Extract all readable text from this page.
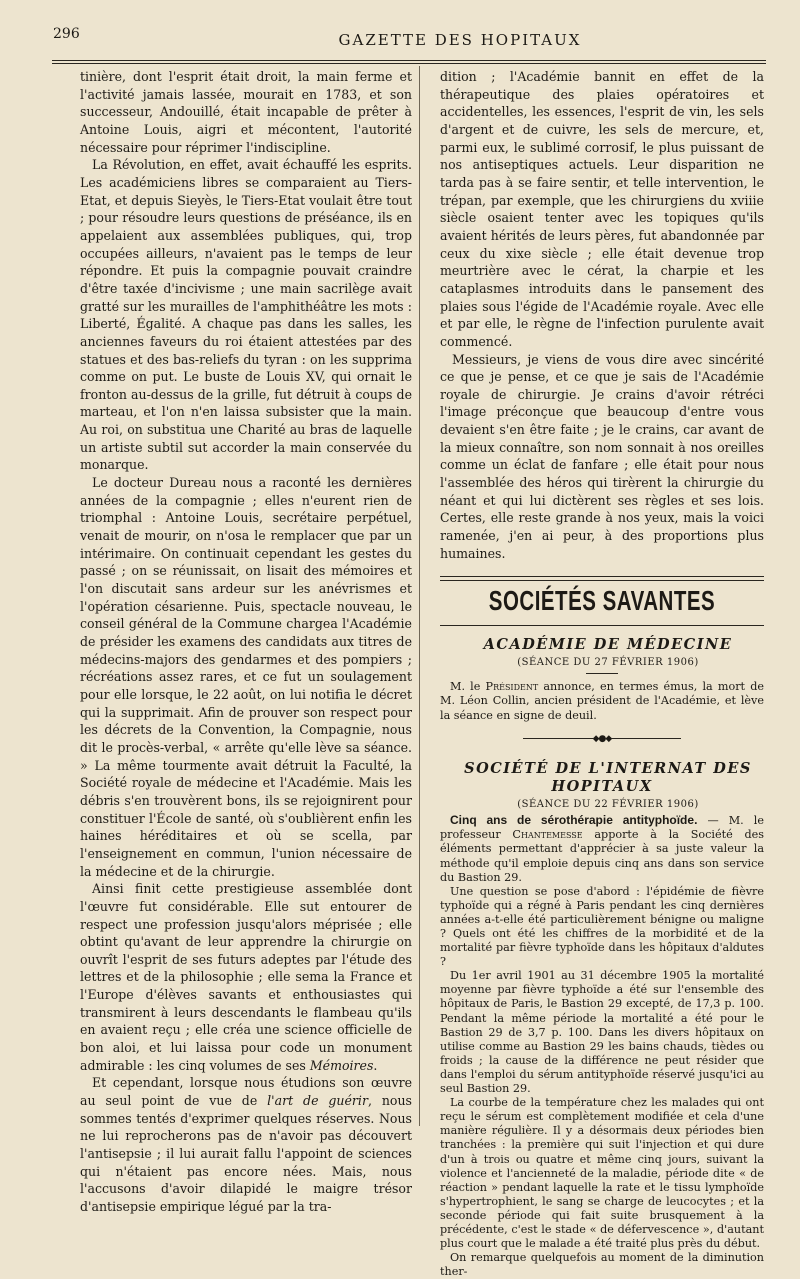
296	GAZETTE DES HOPITAUX

tinière, dont l'esprit était droit, la main ferme et l'activité jamais lassée, mourait en 1783, et son successeur, Andouillé, était incapable de prêter à Antoine Louis, aigri et mécontent, l'autorité nécessaire pour réprimer l'indiscipline.

La Révolution, en effet, avait échauffé les esprits. Les académiciens libres se comparaient au Tiers-Etat, et depuis Sieyès, le Tiers-Etat voulait être tout ; pour résoudre leurs questions de préséance, ils en appelaient aux assemblées publiques, qui, trop occupées ailleurs, n'avaient pas le temps de leur répondre. Et puis la compagnie pouvait craindre d'être taxée d'incivisme ; une main sacrilège avait gratté sur les murailles de l'amphithéâtre les mots : Liberté, Égalité. A chaque pas dans les salles, les anciennes faveurs du roi étaient attestées par des statues et des bas-reliefs du tyran : on les supprima comme on put. Le buste de Louis XV, qui ornait le fronton au-dessus de la grille, fut détruit à coups de marteau, et l'on n'en laissa subsister que la main. Au roi, on substitua une Charité au bras de laquelle un artiste subtil sut accorder la main conservée du monarque.

Le docteur Dureau nous a raconté les dernières années de la compagnie ; elles n'eurent rien de triomphal : Antoine Louis, secrétaire perpétuel, venait de mourir, on n'osa le remplacer que par un intérimaire. On continuait cependant les gestes du passé ; on se réunissait, on lisait des mémoires et l'on discutait sans ardeur sur les anévrismes et l'opération césarienne. Puis, spectacle nouveau, le conseil général de la Commune chargea l'Académie de présider les examens des candidats aux titres de médecins-majors des gendarmes et des pompiers ; récréations assez rares, et ce fut un soulagement pour elle lorsque, le 22 août, on lui notifia le décret qui la supprimait. Afin de prouver son respect pour les décrets de la Convention, la Compagnie, nous dit le procès-verbal, « arrête qu'elle lève sa séance. » La même tourmente avait détruit la Faculté, la Société royale de médecine et l'Académie. Mais les débris s'en trouvèrent bons, ils se rejoignirent pour constituer l'École de santé, où s'oublièrent enfin les haines héréditaires et où se scella, par l'enseignement en commun, l'union nécessaire de la médecine et de la chirurgie.

Ainsi finit cette prestigieuse assemblée dont l'œuvre fut considérable. Elle sut entourer de respect une profession jusqu'alors méprisée ; elle obtint qu'avant de leur apprendre la chirurgie on ouvrît l'esprit de ses futurs adeptes par l'étude des lettres et de la philosophie ; elle sema la France et l'Europe d'élèves savants et enthousiastes qui transmirent à leurs descendants le flambeau qu'ils en avaient reçu ; elle créa une science officielle de bon aloi, et lui laissa pour code un monument admirable : les cinq volumes de ses Mémoires.

Et cependant, lorsque nous étudions son œuvre au seul point de vue de l'art de guérir, nous sommes tentés d'exprimer quelques réserves. Nous ne lui reprocherons pas de n'avoir pas découvert l'antisepsie ; il lui aurait fallu l'appoint de sciences qui n'étaient pas encore nées. Mais, nous l'accusons d'avoir dilapidé le maigre trésor d'antisepsie empirique légué par la tra-

dition ; l'Académie bannit en effet de la thérapeutique des plaies opératoires et accidentelles, les essences, l'esprit de vin, les sels d'argent et de cuivre, les sels de mercure, et, parmi eux, le sublimé corrosif, le plus puissant de nos antiseptiques actuels. Leur disparition ne tarda pas à se faire sentir, et telle intervention, le trépan, par exemple, que les chirurgiens du xviiie siècle osaient tenter avec les topiques qu'ils avaient hérités de leurs pères, fut abandonnée par ceux du xixe siècle ; elle était devenue trop meurtrière avec le cérat, la charpie et les cataplasmes introduits dans le pansement des plaies sous l'égide de l'Académie royale. Avec elle et par elle, le règne de l'infection purulente avait commencé.

Messieurs, je viens de vous dire avec sincérité ce que je pense, et ce que je sais de l'Académie royale de chirurgie. Je crains d'avoir rétréci l'image préconçue que beaucoup d'entre vous devaient s'en être faite ; je le crains, car avant de la mieux connaître, son nom sonnait à nos oreilles comme un éclat de fanfare ; elle était pour nous l'assemblée des héros qui tirèrent la chirurgie du néant et qui lui dictèrent ses règles et ses lois. Certes, elle reste grande à nos yeux, mais la voici ramenée, j'en ai peur, à des proportions plus humaines.

SOCIÉTÉS SAVANTES

ACADÉMIE DE MÉDECINE

(SÉANCE DU 27 FÉVRIER 1906)

M. le Président annonce, en termes émus, la mort de M. Léon Collin, ancien président de l'Académie, et lève la séance en signe de deuil.

◆●◆

SOCIÉTÉ DE L'INTERNAT DES HOPITAUX

(SÉANCE DU 22 FÉVRIER 1906)

Cinq ans de sérothérapie antityphoïde. — M. le professeur Chantemesse apporte à la Société des éléments permettant d'apprécier à sa juste valeur la méthode qu'il emploie depuis cinq ans dans son service du Bastion 29.

Une question se pose d'abord : l'épidémie de fièvre typhoïde qui a régné à Paris pendant les cinq dernières années a-t-elle été particulièrement bénigne ou maligne ? Quels ont été les chiffres de la morbidité et de la mortalité par fièvre typhoïde dans les hôpitaux d'aldutes ?

Du 1er avril 1901 au 31 décembre 1905 la mortalité moyenne par fièvre typhoïde a été sur l'ensemble des hôpitaux de Paris, le Bastion 29 excepté, de 17,3 p. 100. Pendant la même période la mortalité a été pour le Bastion 29 de 3,7 p. 100. Dans les divers hôpitaux on utilise comme au Bastion 29 les bains chauds, tièdes ou froids ; la cause de la différence ne peut résider que dans l'emploi du sérum antityphoïde réservé jusqu'ici au seul Bastion 29.

La courbe de la température chez les malades qui ont reçu le sérum est complètement modifiée et cela d'une manière régulière. Il y a désormais deux périodes bien tranchées : la première qui suit l'injection et qui dure d'un à trois ou quatre et même cinq jours, suivant la violence et l'ancienneté de la maladie, période dite « de réaction » pendant laquelle la rate et le tissu lymphoïde s'hypertrophient, le sang se charge de leucocytes ; et la seconde période qui fait suite brusquement à la précédente, c'est le stade « de défervescence », d'autant plus court que le malade a été traité plus près du début.

On remarque quelquefois au moment de la diminution ther-
